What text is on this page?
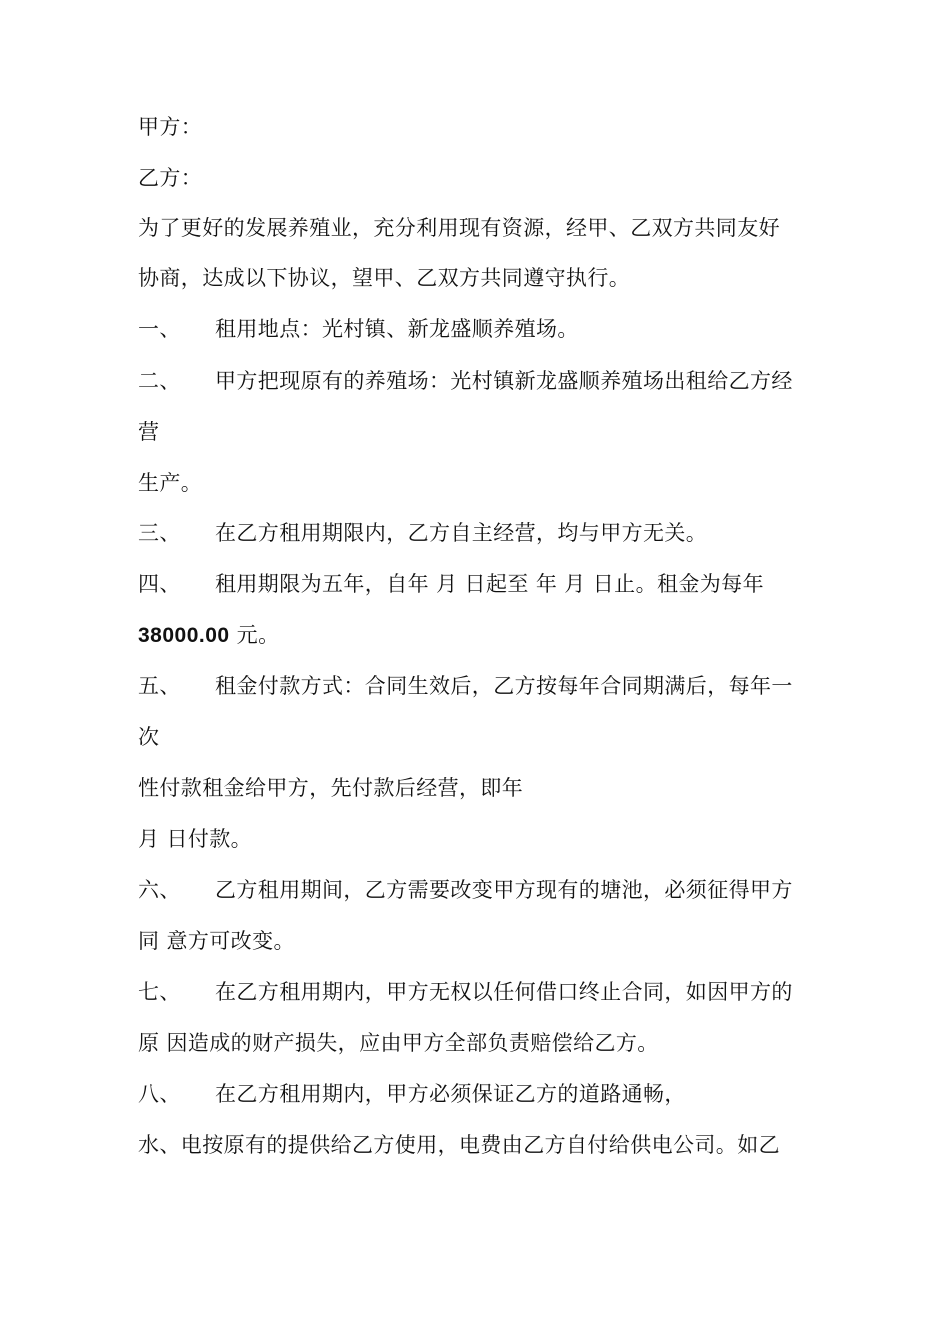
甲方：
乙方：
为了更好的发展养殖业，充分利用现有资源，经甲、乙双方共同友好
协商，达成以下协议，望甲、乙双方共同遵守执行。
一、 租用地点：光村镇、新龙盛顺养殖场。
二、 甲方把现原有的养殖场：光村镇新龙盛顺养殖场出租给乙方经
营
生产。
三、 在乙方租用期限内，乙方自主经营，均与甲方无关。
四、 租用期限为五年，自年 月 日起至 年 月 日止。租金为每年
38000.00 元。
五、 租金付款方式：合同生效后，乙方按每年合同期满后，每年一
次
性付款租金给甲方，先付款后经营，即年
月 日付款。
六、 乙方租用期间，乙方需要改变甲方现有的塘池，必须征得甲方
同 意方可改变。
七、 在乙方租用期内，甲方无权以任何借口终止合同，如因甲方的
原 因造成的财产损失，应由甲方全部负责赔偿给乙方。
八、 在乙方租用期内，甲方必须保证乙方的道路通畅，
水、电按原有的提供给乙方使用，电费由乙方自付给供电公司。如乙
